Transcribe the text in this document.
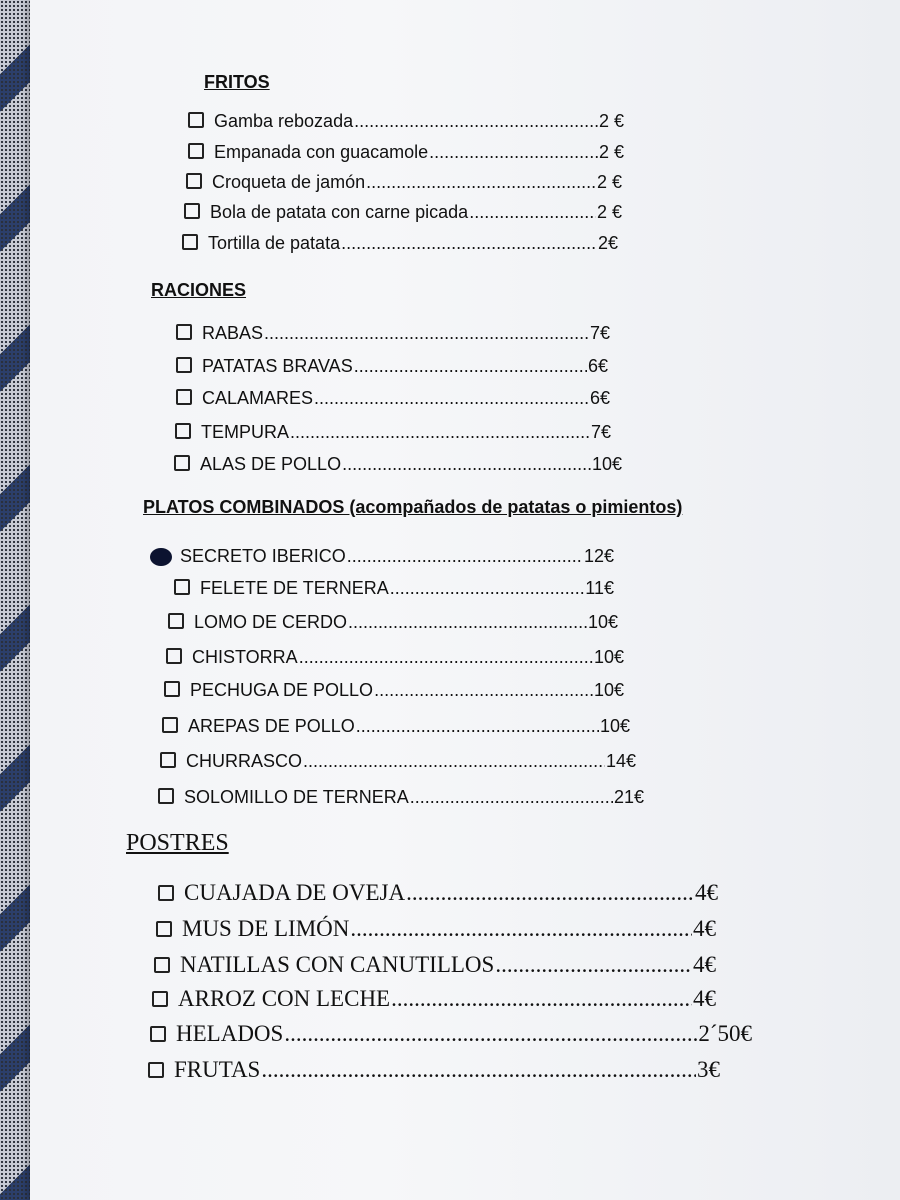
FRITOS
Gamba rebozada .....	2 €
Empanada con guacamole .....	2 €
Croqueta de jamón .....	2 €
Bola de patata con carne picada .....	2 €
Tortilla de patata .....	2€
RACIONES
RABAS .....	7€
PATATAS BRAVAS .....	6€
CALAMARES .....	6€
TEMPURA .....	7€
ALAS DE POLLO .....	10€
PLATOS COMBINADOS (acompañados de patatas o pimientos)
SECRETO IBERICO .....	12€
FELETE DE TERNERA .....	11€
LOMO DE CERDO .....	10€
CHISTORRA .....	10€
PECHUGA DE POLLO .....	10€
AREPAS DE POLLO .....	10€
CHURRASCO .....	14€
SOLOMILLO DE TERNERA .....	21€
POSTRES
CUAJADA DE OVEJA .....	4€
MUS DE LIMÓN .....	4€
NATILLAS CON CANUTILLOS .....	4€
ARROZ CON LECHE .....	4€
HELADOS .....	2´50€
FRUTAS .....	3€
